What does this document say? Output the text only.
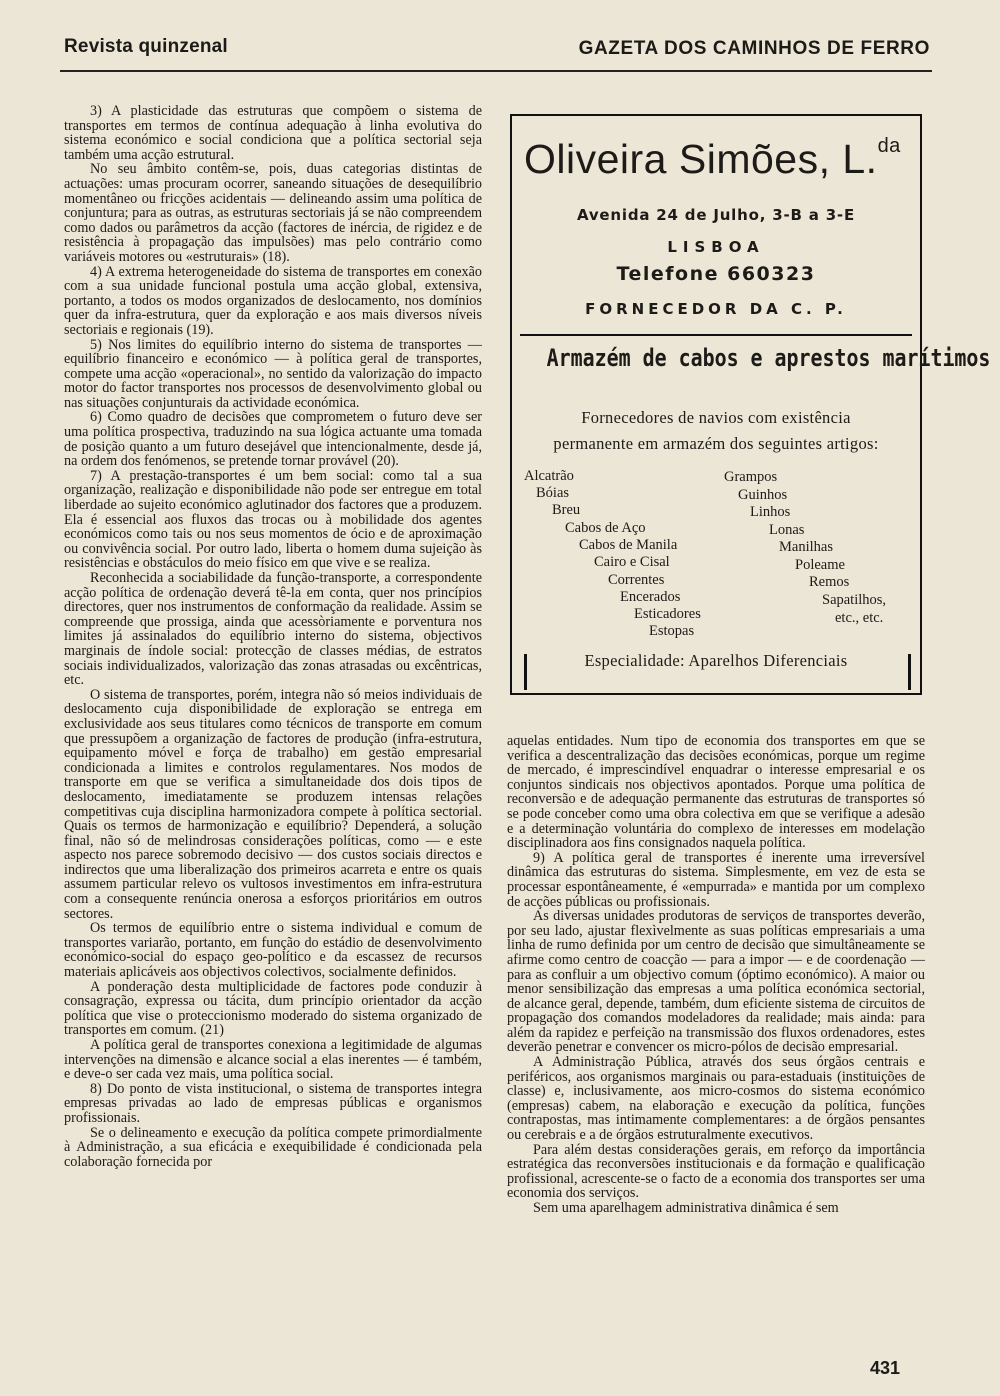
Revista quinzenal	GAZETA DOS CAMINHOS DE FERRO

3) A plasticidade das estruturas que compõem o sistema de transportes em termos de contínua adequação à linha evolutiva do sistema económico e social condiciona que a política sectorial seja também uma acção estrutural.

No seu âmbito contêm-se, pois, duas categorias distintas de actuações: umas procuram ocorrer, saneando situações de desequilíbrio momentâneo ou fricções acidentais — delineando assim uma política de conjuntura; para as outras, as estruturas sectoriais já se não compreendem como dados ou parâmetros da acção (factores de inércia, de rigidez e de resistência à propagação das impulsões) mas pelo contrário como variáveis motores ou «estruturais» (18).

4) A extrema heterogeneidade do sistema de transportes em conexão com a sua unidade funcional postula uma acção global, extensiva, portanto, a todos os modos organizados de deslocamento, nos domínios quer da infra-estrutura, quer da exploração e aos mais diversos níveis sectoriais e regionais (19).

5) Nos limites do equilíbrio interno do sistema de transportes — equilíbrio financeiro e económico — à política geral de transportes, compete uma acção «operacional», no sentido da valorização do impacto motor do factor transportes nos processos de desenvolvimento global ou nas situações conjunturais da actividade económica.

6) Como quadro de decisões que comprometem o futuro deve ser uma política prospectiva, traduzindo na sua lógica actuante uma tomada de posição quanto a um futuro desejável que intencionalmente, desde já, na ordem dos fenómenos, se pretende tornar provável (20).

7) A prestação-transportes é um bem social: como tal a sua organização, realização e disponibilidade não pode ser entregue em total liberdade ao sujeito económico aglutinador dos factores que a produzem. Ela é essencial aos fluxos das trocas ou à mobilidade dos agentes económicos como tais ou nos seus momentos de ócio e de aproximação ou convivência social. Por outro lado, liberta o homem duma sujeição às resistências e obstáculos do meio físico em que vive e se realiza.

Reconhecida a sociabilidade da função-transporte, a correspondente acção política de ordenação deverá tê-la em conta, quer nos princípios directores, quer nos instrumentos de conformação da realidade. Assim se compreende que prossiga, ainda que acessòriamente e porventura nos limites já assinalados do equilíbrio interno do sistema, objectivos marginais de índole social: protecção de classes médias, de estratos sociais individualizados, valorização das zonas atrasadas ou excêntricas, etc.

O sistema de transportes, porém, integra não só meios individuais de deslocamento cuja disponibilidade de exploração se entrega em exclusividade aos seus titulares como técnicos de transporte em comum que pressupõem a organização de factores de produção (infra-estrutura, equipamento móvel e força de trabalho) em gestão empresarial condicionada a limites e controlos regulamentares. Nos modos de transporte em que se verifica a simultaneidade dos dois tipos de deslocamento, imediatamente se produzem intensas relações competitivas cuja disciplina harmonizadora compete à política sectorial. Quais os termos de harmonização e equilíbrio? Dependerá, a solução final, não só de melindrosas considerações políticas, como — e este aspecto nos parece sobremodo decisivo — dos custos sociais directos e indirectos que uma liberalização dos primeiros acarreta e entre os quais assumem particular relevo os vultosos investimentos em infra-estrutura com a consequente renúncia onerosa a esforços prioritários em outros sectores.

Os termos de equilíbrio entre o sistema individual e comum de transportes variarão, portanto, em função do estádio de desenvolvimento económico-social do espaço geo-político e da escassez de recursos materiais aplicáveis aos objectivos colectivos, socialmente definidos.

A ponderação desta multiplicidade de factores pode conduzir à consagração, expressa ou tácita, dum princípio orientador da acção política que vise o proteccionismo moderado do sistema organizado de transportes em comum. (21)

A política geral de transportes conexiona a legitimidade de algumas intervenções na dimensão e alcance social a elas inerentes — é também, e deve-o ser cada vez mais, uma política social.

8) Do ponto de vista institucional, o sistema de transportes integra empresas privadas ao lado de empresas públicas e organismos profissionais.

Se o delineamento e execução da política compete primordialmente à Administração, a sua eficácia e exequibilidade é condicionada pela colaboração fornecida por

Oliveira Simões, L.$^{da}$
Avenida 24 de Julho, 3-B a 3-E
LISBOA
Telefone 660323
FORNECEDOR DA C. P.
Armazém de cabos e aprestos marítimos
Fornecedores de navios com existência
permanente em armazém dos seguintes artigos:
Alcatrão
Bóias
Breu
Cabos de Aço
Cabos de Manila
Cairo e Cisal
Correntes
Encerados
Esticadores
Estopas
Grampos
Guinhos
Linhos
Lonas
Manilhas
Poleame
Remos
Sapatilhos,
etc., etc.
Especialidade: Aparelhos Diferenciais

aquelas entidades. Num tipo de economia dos transportes em que se verifica a descentralização das decisões económicas, porque um regime de mercado, é imprescindível enquadrar o interesse empresarial e os conjuntos sindicais nos objectivos apontados. Porque uma política de reconversão e de adequação permanente das estruturas de transportes só se pode conceber como uma obra colectiva em que se verifique a adesão e a determinação voluntária do complexo de interesses em modelação disciplinadora aos fins consignados naquela política.

9) A política geral de transportes é inerente uma irreversível dinâmica das estruturas do sistema. Simplesmente, em vez de esta se processar espontâneamente, é «empurrada» e mantida por um complexo de acções públicas ou profissionais.

As diversas unidades produtoras de serviços de transportes deverão, por seu lado, ajustar flexìvelmente as suas políticas empresariais a uma linha de rumo definida por um centro de decisão que simultâneamente se afirme como centro de coacção — para a impor — e de coordenação — para as confluir a um objectivo comum (óptimo económico). A maior ou menor sensibilização das empresas a uma política económica sectorial, de alcance geral, depende, também, dum eficiente sistema de circuitos de propagação dos comandos modeladores da realidade; mais ainda: para além da rapidez e perfeição na transmissão dos fluxos ordenadores, estes deverão penetrar e convencer os micro-pólos de decisão empresarial.

A Administração Pública, através dos seus órgãos centrais e periféricos, aos organismos marginais ou para-estaduais (instituições de classe) e, inclusivamente, aos micro-cosmos do sistema económico (empresas) cabem, na elaboração e execução da política, funções contrapostas, mas intimamente complementares: a de órgãos pensantes ou cerebrais e a de órgãos estruturalmente executivos.

Para além destas considerações gerais, em reforço da importância estratégica das reconversões institucionais e da formação e qualificação profissional, acrescente-se o facto de a economia dos transportes ser uma economia dos serviços.

Sem uma aparelhagem administrativa dinâmica é sem

431
